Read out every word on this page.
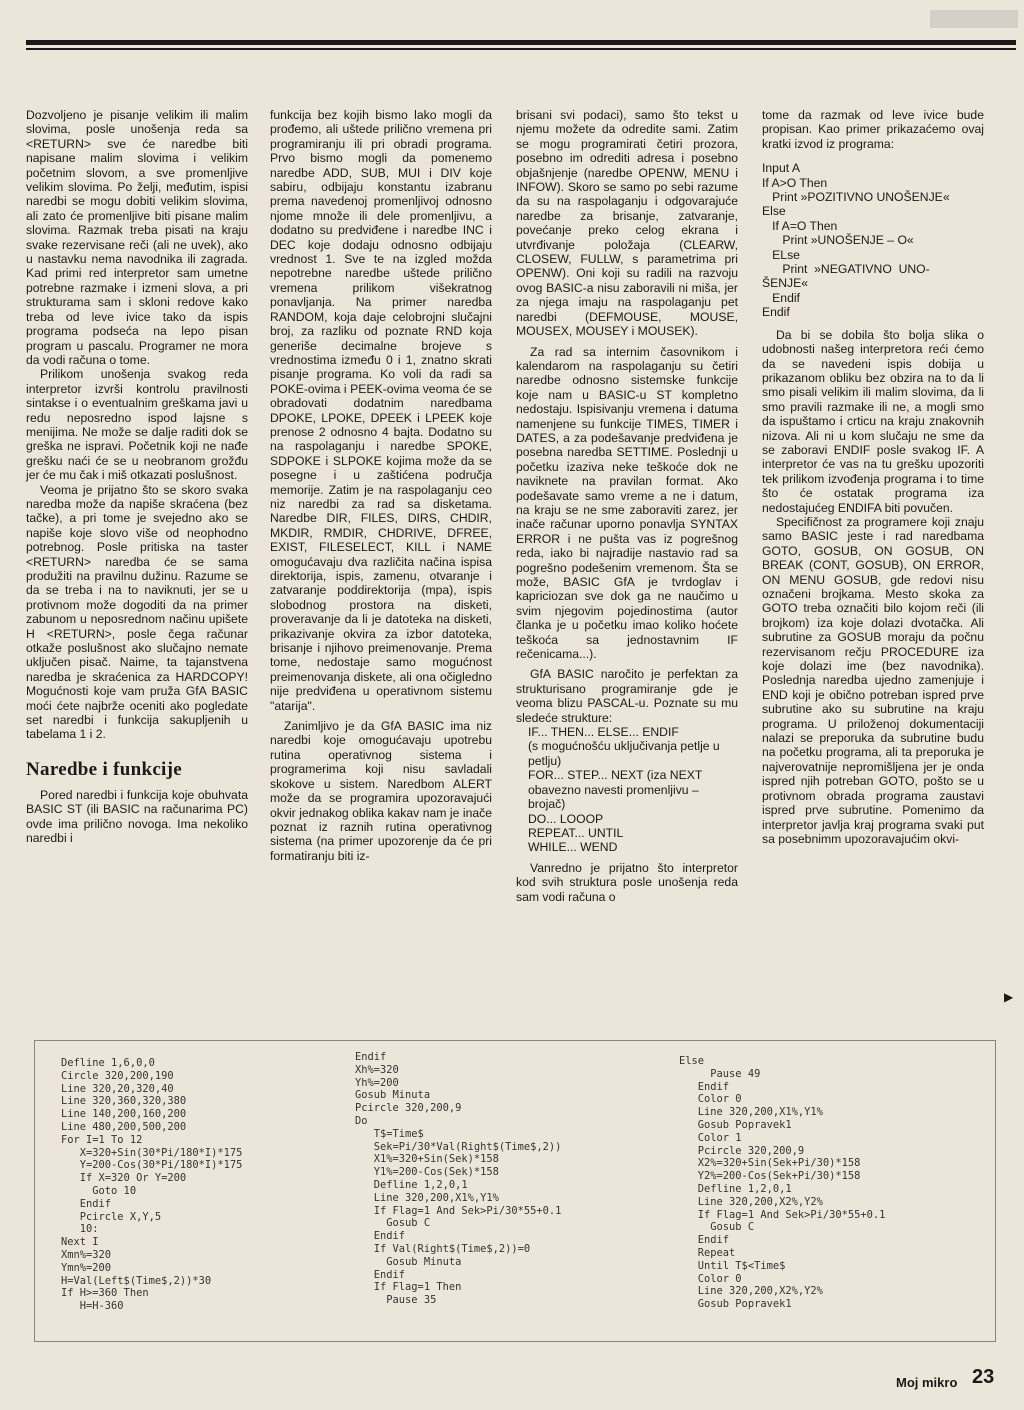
Dozvoljeno je pisanje velikim ili malim slovima, posle unošenja reda sa <RETURN> sve će naredbe biti napisane malim slovima i velikim početnim slovom, a sve promenljive velikim slovima. Po želji, međutim, ispisi naredbi se mogu dobiti velikim slovima, ali zato će promenljive biti pisane malim slovima. Razmak treba pisati na kraju svake rezervisane reči (ali ne uvek), ako u nastavku nema navodnika ili zagrada. Kad primi red interpretor sam umetne potrebne razmake i izmeni slova, a pri strukturama sam i skloni redove kako treba od leve ivice tako da ispis programa podseća na lepo pisan program u pascalu. Programer ne mora da vodi računa o tome.

Prilikom unošenja svakog reda interpretor izvrši kontrolu pravilnosti sintakse i o eventualnim greškama javi u redu neposredno ispod lajsne s menijima. Ne može se dalje raditi dok se greška ne ispravi. Početnik koji ne nađe grešku naći će se u neobranom grožđu jer će mu čak i miš otkazati poslušnost.

Veoma je prijatno što se skoro svaka naredba može da napiše skraćena (bez tačke), a pri tome je svejedno ako se napiše koje slovo više od neophodno potrebnog. Posle pritiska na taster <RETURN> naredba će se sama produžiti na pravilnu dužinu. Razume se da se treba i na to naviknuti, jer se u protivnom može dogoditi da na primer zabunom u neposrednom načinu upišete H <RETURN>, posle čega računar otkaže poslušnost ako slučajno nemate uključen pisač. Naime, ta tajanstvena naredba je skraćenica za HARDCOPY! Mogućnosti koje vam pruža GfA BASIC moći ćete najbrže oceniti ako pogledate set naredbi i funkcija sakupljenih u tabelama 1 i 2.

Naredbe i funkcije

Pored naredbi i funkcija koje obuhvata BASIC ST (ili BASIC na računarima PC) ovde ima prilično novoga. Ima nekoliko naredbi i

funkcija bez kojih bismo lako mogli da prođemo, ali uštede prilično vremena pri programiranju ili pri obradi programa. Prvo bismo mogli da pomenemo naredbe ADD, SUB, MUI i DIV koje sabiru, odbijaju konstantu izabranu prema navedenoj promenljivoj odnosno njome množe ili dele promenljivu, a dodatno su predviđene i naredbe INC i DEC koje dodaju odnosno odbijaju vrednost 1. Sve te na izgled možda nepotrebne naredbe uštede prilično vremena prilikom višekratnog ponavljanja. Na primer naredba RANDOM, koja daje celobrojni slučajni broj, za razliku od poznate RND koja generiše decimalne brojeve s vrednostima između 0 i 1, znatno skrati pisanje programa. Ko voli da radi sa POKE-ovima i PEEK-ovima veoma će se obradovati dodatnim naredbama DPOKE, LPOKE, DPEEK i LPEEK koje prenose 2 odnosno 4 bajta. Dodatno su na raspolaganju i naredbe SPOKE, SDPOKE i SLPOKE kojima može da se posegne i u zaštićena područja memorije. Zatim je na raspolaganju ceo niz naredbi za rad sa disketama. Naredbe DIR, FILES, DIRS, CHDIR, MKDIR, RMDIR, CHDRIVE, DFREE, EXIST, FILESELECT, KILL i NAME omogućavaju dva različita načina ispisa direktorija, ispis, zamenu, otvaranje i zatvaranje poddirektorija (mpa), ispis slobodnog prostora na disketi, proveravanje da li je datoteka na disketi, prikazivanje okvira za izbor datoteka, brisanje i njihovo preimenovanje. Prema tome, nedostaje samo mogućnost preimenovanja diskete, ali ona očigledno nije predviđena u operativnom sistemu "atarija".

Zanimljivo je da GfA BASIC ima niz naredbi koje omogućavaju upotrebu rutina operativnog sistema i programerima koji nisu savladali skokove u sistem. Naredbom ALERT može da se programira upozoravajući okvir jednakog oblika kakav nam je inače poznat iz raznih rutina operativnog sistema (na primer upozorenje da će pri formatiranju biti iz-

brisani svi podaci), samo što tekst u njemu možete da odredite sami. Zatim se mogu programirati četiri prozora, posebno im odrediti adresa i posebno objašnjenje (naredbe OPENW, MENU i INFOW). Skoro se samo po sebi razume da su na raspolaganju i odgovarajuće naredbe za brisanje, zatvaranje, povećanje preko celog ekrana i utvrđivanje položaja (CLEARW, CLOSEW, FULLW, s parametrima pri OPENW). Oni koji su radili na razvoju ovog BASIC-a nisu zaboravili ni miša, jer za njega imaju na raspolaganju pet naredbi (DEFMOUSE, MOUSE, MOUSEX, MOUSEY i MOUSEK).

Za rad sa internim časovnikom i kalendarom na raspolaganju su četiri naredbe odnosno sistemske funkcije koje nam u BASIC-u ST kompletno nedostaju. Ispisivanju vremena i datuma namenjene su funkcije TIMES, TIMER i DATES, a za podešavanje predviđena je posebna naredba SETTIME. Poslednji u početku izaziva neke teškoće dok ne naviknete na pravilan format. Ako podešavate samo vreme a ne i datum, na kraju se ne sme zaboraviti zarez, jer inače računar uporno ponavlja SYNTAX ERROR i ne pušta vas iz pogrešnog reda, iako bi najradije nastavio rad sa pogrešno podešenim vremenom. Šta se može, BASIC GfA je tvrdoglav i kapriciozan sve dok ga ne naučimo u svim njegovim pojedinostima (autor članka je u početku imao koliko hoćete teškoća sa jednostavnim IF rečenicama...).

GfA BASIC naročito je perfektan za strukturisano programiranje gde je veoma blizu PASCAL-u. Poznate su mu sledeće strukture:

IF... THEN... ELSE... ENDIF
(s mogućnošću uključivanja petlje u petlju)
FOR... STEP... NEXT (iza NEXT obavezno navesti promenljivu – brojač)
DO... LOOOP
REPEAT... UNTIL
WHILE... WEND

Vanredno je prijatno što interpretor kod svih struktura posle unošenja reda sam vodi računa o

tome da razmak od leve ivice bude propisan. Kao primer prikazaćemo ovaj kratki izvod iz programa:

Input A
If A>O Then
Print »POZITIVNO UNOŠENJE«
Else
If A=O Then
Print »UNOŠENJE – O«
ELse
Print  »NEGATIVNO  UNO-
ŠENJE«
Endif
Endif

Da bi se dobila što bolja slika o udobnosti našeg interpretora reći ćemo da se navedeni ispis dobija u prikazanom obliku bez obzira na to da li smo pisali velikim ili malim slovima, da li smo pravili razmake ili ne, a mogli smo da ispuštamo i crticu na kraju znakovnih nizova. Ali ni u kom slučaju ne sme da se zaboravi ENDIF posle svakog IF. A interpretor će vas na tu grešku upozoriti tek prilikom izvođenja programa i to time što će ostatak programa iza nedostajućeg ENDIFA biti povučen.

Specifičnost za programere koji znaju samo BASIC jeste i rad naredbama GOTO, GOSUB, ON GOSUB, ON BREAK (CONT, GOSUB), ON ERROR, ON MENU GOSUB, gde redovi nisu označeni brojkama. Mesto skoka za GOTO treba označiti bilo kojom reči (ili brojkom) iza koje dolazi dvotačka. Ali subrutine za GOSUB moraju da počnu rezervisanom rečju PROCEDURE iza koje dolazi ime (bez navodnika). Poslednja naredba ujedno zamenjuje i END koji je obično potreban ispred prve subrutine ako su subrutine na kraju programa. U priloženoj dokumentaciji nalazi se preporuka da subrutine budu na početku programa, ali ta preporuka je najverovatnije nepromišljena jer je onda ispred njih potreban GOTO, pošto se u protivnom obrada programa zaustavi ispred prve subrutine. Pomenimo da interpretor javlja kraj programa svaki put sa posebnimm upozoravajućim okvi-

▶
Defline 1,6,0,0
Circle 320,200,190
Line 320,20,320,40
Line 320,360,320,380
Line 140,200,160,200
Line 480,200,500,200
For I=1 To 12
X=320+Sin(30*Pi/180*I)*175
Y=200-Cos(30*Pi/180*I)*175
If X=320 Or Y=200
Goto 10
Endif
Pcircle X,Y,5
10:
Next I
Xmn%=320
Ymn%=200
H=Val(Left$(Time$,2))*30
If H>=360 Then
H=H-360
Endif
Xh%=320
Yh%=200
Gosub Minuta
Pcircle 320,200,9
Do
T$=Time$
Sek=Pi/30*Val(Right$(Time$,2))
X1%=320+Sin(Sek)*158
Y1%=200-Cos(Sek)*158
Defline 1,2,0,1
Line 320,200,X1%,Y1%
If Flag=1 And Sek>Pi/30*55+0.1
Gosub C
Endif
If Val(Right$(Time$,2))=0
Gosub Minuta
Endif
If Flag=1 Then
Pause 35
Else
Pause 49
Endif
Color 0
Line 320,200,X1%,Y1%
Gosub Popravek1
Color 1
Pcircle 320,200,9
X2%=320+Sin(Sek+Pi/30)*158
Y2%=200-Cos(Sek+Pi/30)*158
Defline 1,2,0,1
Line 320,200,X2%,Y2%
If Flag=1 And Sek>Pi/30*55+0.1
Gosub C
Endif
Repeat
Until T$<Time$
Color 0
Line 320,200,X2%,Y2%
Gosub Popravek1
Moj mikro 23
